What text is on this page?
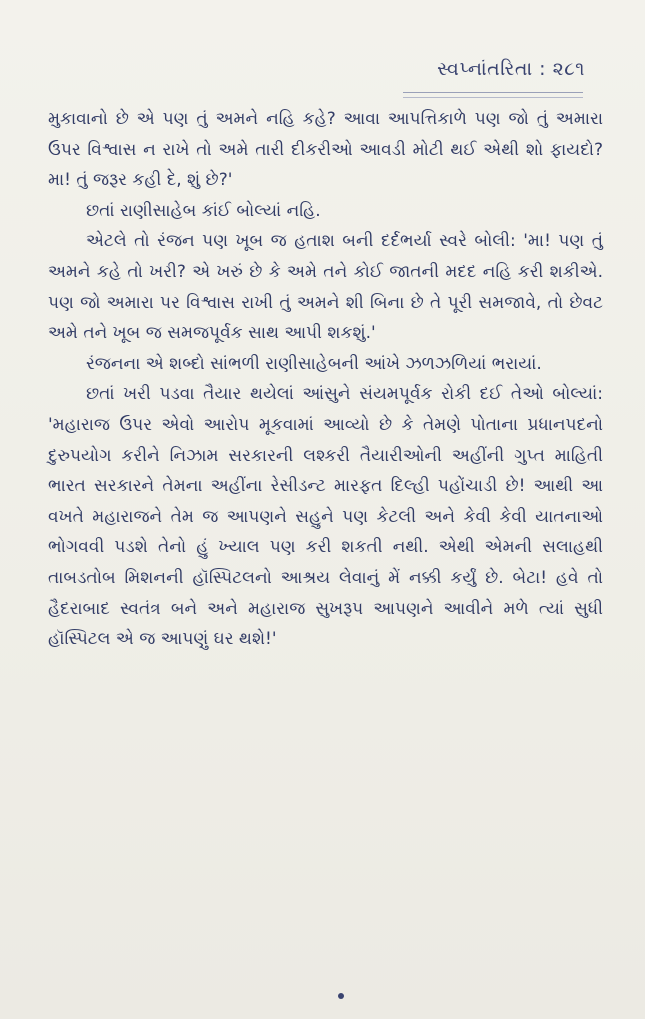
સ્વપ્નાંતરિતા : ૨૮૧

મુકાવાનો છે એ પણ તું અમને નહિ કહે? આવા આપત્તિકાળે પણ જો તું અમારા ઉપર વિશ્વાસ ન રાખે તો અમે તારી દીકરીઓ આવડી મોટી થઈ એથી શો ફાયદો? મા! તું જરૂર કહી દે, શું છે?'

છતાં રાણીસાહેબ કાંઈ બોલ્યાં નહિ.

એટલે તો રંજન પણ ખૂબ જ હતાશ બની દર્દભર્યા સ્વરે બોલી: 'મા! પણ તું અમને કહે તો ખરી? એ ખરું છે કે અમે તને કોઈ જાતની મદદ નહિ કરી શકીએ. પણ જો અમારા પર વિશ્વાસ રાખી તું અમને શી બિના છે તે પૂરી સમજાવે, તો છેવટ અમે તને ખૂબ જ સમજપૂર્વક સાથ આપી શકશું.'

રંજનના એ શબ્દો સાંભળી રાણીસાહેબની આંખે ઝળઝળિયાં ભરાયાં.

છતાં ખરી પડવા તૈયાર થયેલાં આંસુને સંયમપૂર્વક રોકી દઈ તેઓ બોલ્યાં: 'મહારાજ ઉપર એવો આરોપ મૂકવામાં આવ્યો છે કે તેમણે પોતાના પ્રધાનપદનો દુરુપયોગ કરીને નિઝામ સરકારની લશ્કરી તૈયારીઓની અહીંની ગુપ્ત માહિતી ભારત સરકારને તેમના અહીંના રેસીડન્ટ મારફત દિલ્હી પહોંચાડી છે! આથી આ વખતે મહારાજને તેમ જ આપણને સહુને પણ કેટલી અને કેવી કેવી યાતનાઓ ભોગવવી પડશે તેનો હું ખ્યાલ પણ કરી શકતી નથી. એથી એમની સલાહથી તાબડતોબ મિશનની હૉસ્પિટલનો આશ્રય લેવાનું મેં નક્કી કર્યું છે. બેટા! હવે તો હૈદરાબાદ સ્વતંત્ર બને અને મહારાજ સુખરૂપ આપણને આવીને મળે ત્યાં સુધી હૉસ્પિટલ એ જ આપણું ઘર થશે!'
